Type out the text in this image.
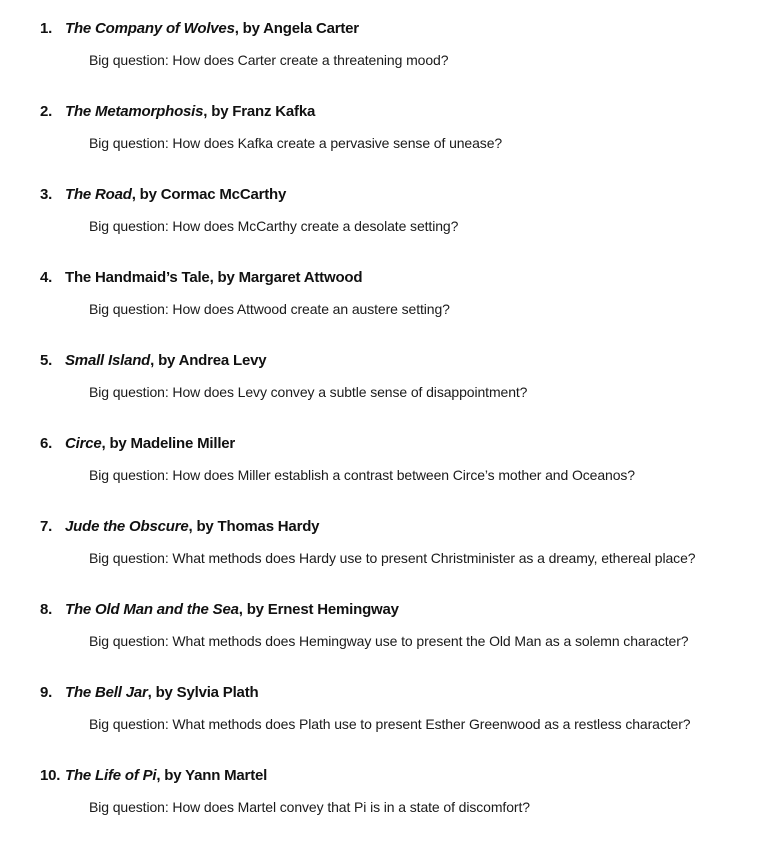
1. The Company of Wolves , by Angela Carter
Big question: How does Carter create a threatening mood?
2. The Metamorphosis , by Franz Kafka
Big question: How does Kafka create a pervasive sense of unease?
3. The Road , by Cormac McCarthy
Big question: How does McCarthy create a desolate setting?
4. The Handmaid’s Tale , by Margaret Attwood
Big question: How does Attwood create an austere setting?
5. Small Island , by Andrea Levy
Big question: How does Levy convey a subtle sense of disappointment?
6. Circe , by Madeline Miller
Big question: How does Miller establish a contrast between Circe’s mother and Oceanos?
7. Jude the Obscure , by Thomas Hardy
Big question: What methods does Hardy use to present Christminister as a dreamy, ethereal place?
8. The Old Man and the Sea , by Ernest Hemingway
Big question: What methods does Hemingway use to present the Old Man as a solemn character?
9. The Bell Jar , by Sylvia Plath
Big question: What methods does Plath use to present Esther Greenwood as a restless character?
10. The Life of Pi , by Yann Martel
Big question: How does Martel convey that Pi is in a state of discomfort?
